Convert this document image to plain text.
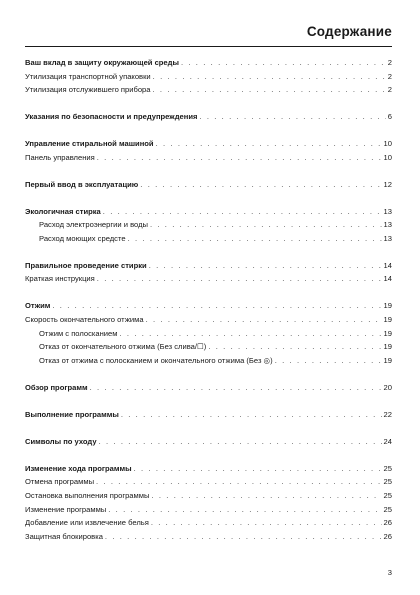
Содержание
Ваш вклад в защиту окружающей среды . . .	2
Утилизация транспортной упаковки . . .	2
Утилизация отслужившего прибора . . .	2
Указания по безопасности и предупреждения . . .	6
Управление стиральной машиной . . .	10
Панель управления . . .	10
Первый ввод в эксплуатацию . . .	12
Экологичная стирка . . .	13
Расход электроэнергии и воды . . .	13
Расход моющих средсте . . .	13
Правильное проведение стирки . . .	14
Краткая инструкция . . .	14
Отжим . . .	19
Скорость окончательного отжима . . .	19
Отжим с полосканием . . .	19
Отказ от окончательного отжима (Без слива/☐) . . .	19
Отказ от отжима с полосканием и окончательного отжима (Без ◎) . . .	19
Обзор программ . . .	20
Выполнение программы . . .	22
Символы по уходу . . .	24
Изменение хода программы . . .	25
Отмена программы . . .	25
Остановка выполнения программы . . .	25
Изменение программы . . .	25
Добавление или извлечение белья . . .	26
Защитная блокировка . . .	26
3
